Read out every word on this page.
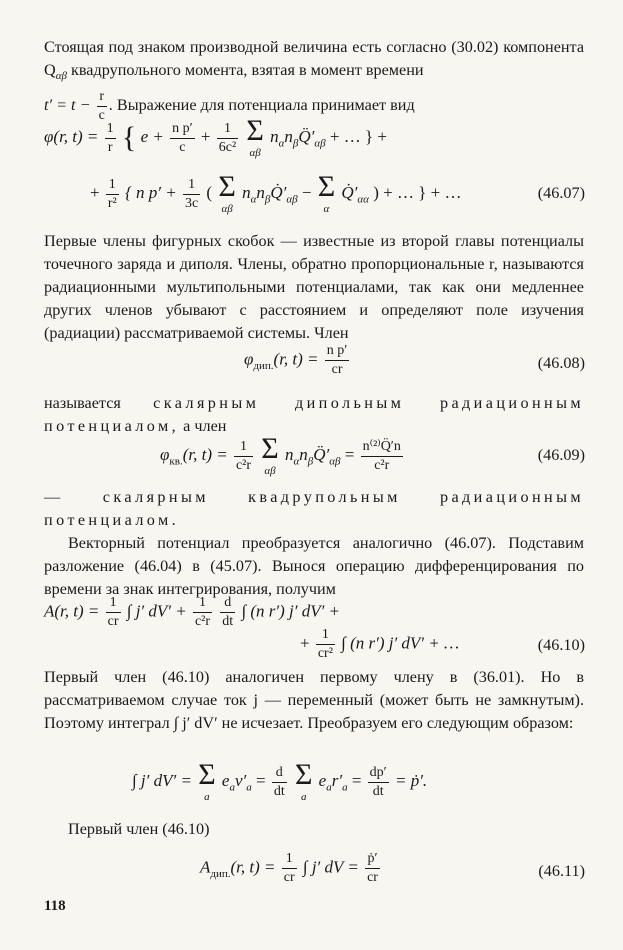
Стоящая под знаком производной величина есть согласно (30.02) компонента $Q_{\alpha\beta}$ квадрупольного момента, взятая в момент времени
$t' = t - \frac{r}{c}$ . Выражение для потенциала принимает вид
φ(r, $t) = \frac{1}{r}$ { $e + \frac{\text{n p′}}{c} + \frac{1}{\text{6c²}}$
Σ
αβ
$n_\alpha n_\beta Q̈'_{\alpha\beta}$ + … } +
+ $\frac{1}{\text{r²}}$ { n $p' + \frac{1}{3c}$ ( Σ
αβ
$n_\alpha n_\beta Q̇'_{\alpha\beta} - \Sigma$
α
$Q̇'_{\alpha\alpha}$ ) + … } + …	(46.07)
Первые члены фигурных скобок — известные из второй главы потенциалы точечного заряда и диполя. Члены, обратно пропорциональные r, называются радиационными мультипольными потенциалами, так как они медленнее других членов убывают с расстоянием и определяют поле изучения (радиации) рассматриваемой системы. Член
$\varphi_{дип.}(r$, $t) = \frac{\text{n p′}}{cr}$	(46.08)
называется скалярным дипольным радиационным потенциалом, а член
$\varphi_{кв.}(r$, $t) = \frac{1}{\text{c²r}}$
Σ
αβ
$n_\alpha n_\beta Q̈'_{\alpha\beta} = \frac{\text{n⁽²⁾Q̈′n}}{\text{c²r}}$	(46.09)
— скалярным квадрупольным радиационным потенциалом.
Векторный потенциал преобразуется аналогично (46.07). Подставим разложение (46.04) в (45.07). Вынося операцию дифференцирования по времени за знак интегрирования, получим
A(r, $t) = \frac{1}{cr}$ ∫ j′ $dV' + \frac{1}{\text{c²r}}$
$\frac{d}{dt}$ ∫ (n r′) j′ dV′ +
+ $\frac{1}{\text{cr²}}$ ∫ (n r′) j′ dV′ + …	(46.10)
Первый член (46.10) аналогичен первому члену в (36.01). Но в рассматриваемом случае ток j — переменный (может быть не замкнутым). Поэтому интеграл ∫ j′ dV′ не исчезает. Преобразуем его следующим образом:
∫ j′ dV′ = Σ
a
$e_av'_a = \frac{d}{dt}$
Σ
a
$e_ar'_a = \frac{dp'}{dt}$ = ṗ′.
Первый член (46.10)
$A_{дип.}(r$, $t) = \frac{1}{cr}$ ∫ j′ dV = $\frac{\text{ṗ′}}{cr}$	(46.11)
118
